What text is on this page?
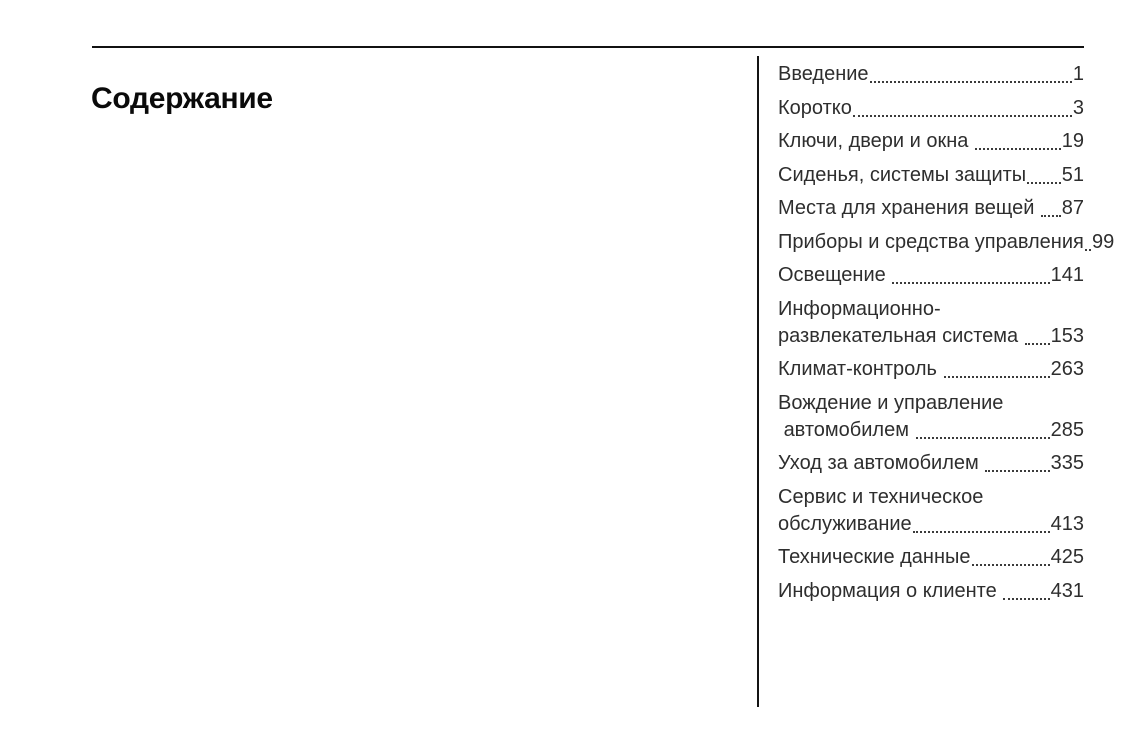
Содержание
Введение	1
Коротко	3
Ключи, двери и окна	19
Сиденья, системы защиты 51
Места для хранения вещей 87
Приборы и средства управления 99
Освещение	141
Информационно-
развлекательная система 153
Климат-контроль	263
Вождение и управление
автомобилем	285
Уход за автомобилем	335
Сервис и техническое
обслуживание	413
Технические данные	425
Информация о клиенте 431
